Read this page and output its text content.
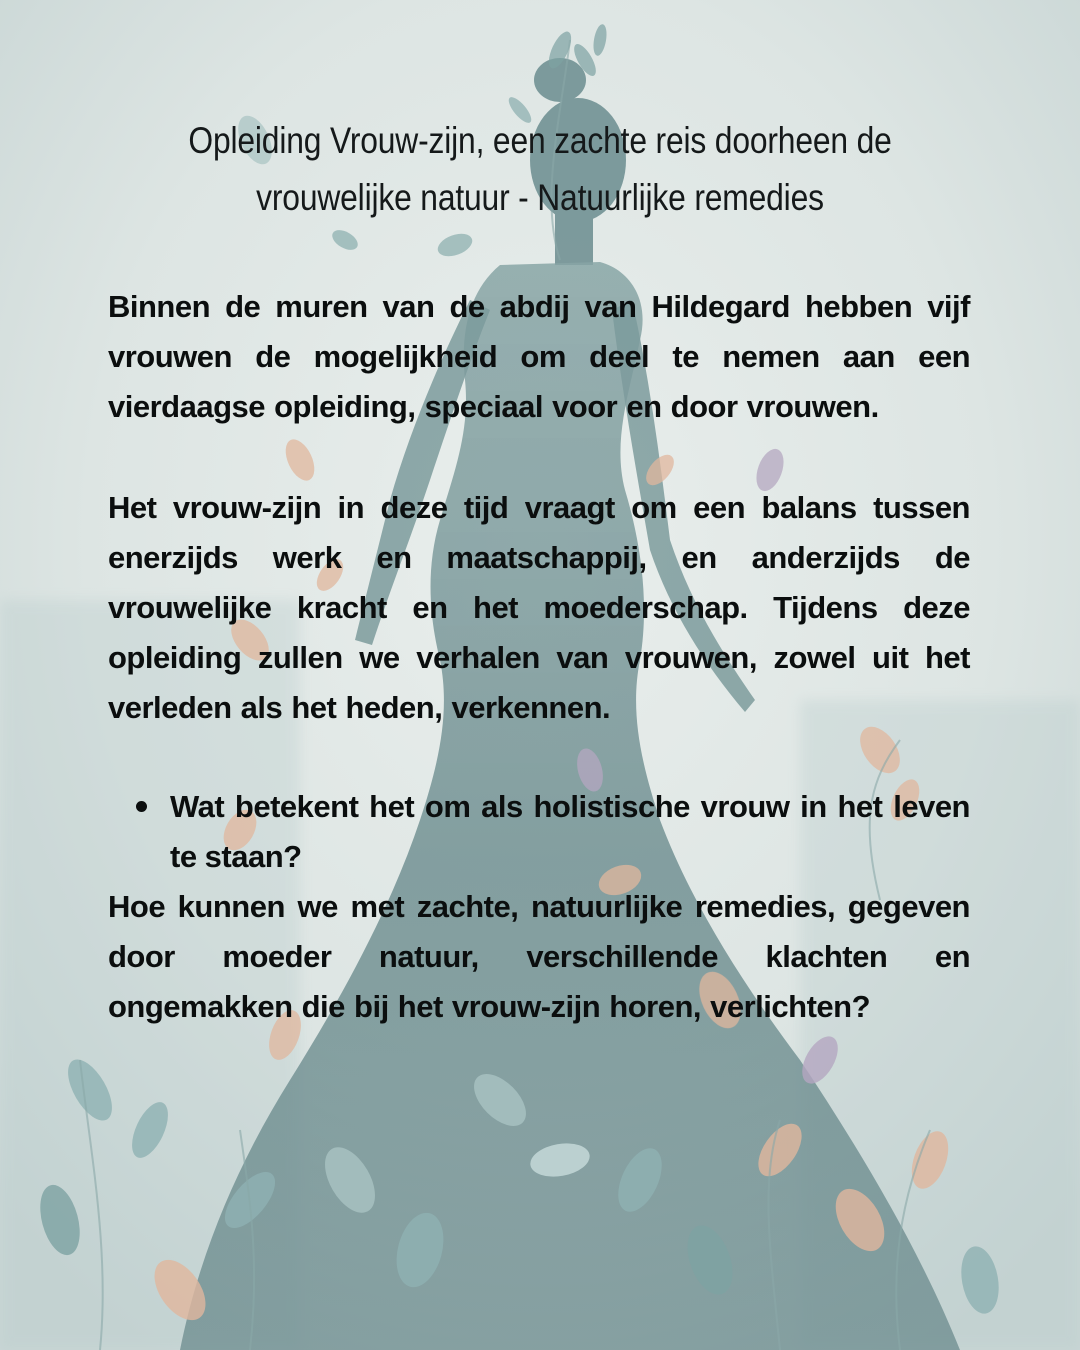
Opleiding Vrouw-zijn, een zachte reis doorheen de vrouwelijke natuur - Natuurlijke remedies
Binnen de muren van de abdij van Hildegard hebben vijf vrouwen de mogelijkheid om deel te nemen aan een vierdaagse opleiding, speciaal voor en door vrouwen.
Het vrouw-zijn in deze tijd vraagt om een balans tussen enerzijds werk en maatschappij, en anderzijds de vrouwelijke kracht en het moederschap. Tijdens deze opleiding zullen we verhalen van vrouwen, zowel uit het verleden als het heden, verkennen.
Wat betekent het om als holistische vrouw in het leven te staan?
Hoe kunnen we met zachte, natuurlijke remedies, gegeven door moeder natuur, verschillende klachten en ongemakken die bij het vrouw-zijn horen, verlichten?
